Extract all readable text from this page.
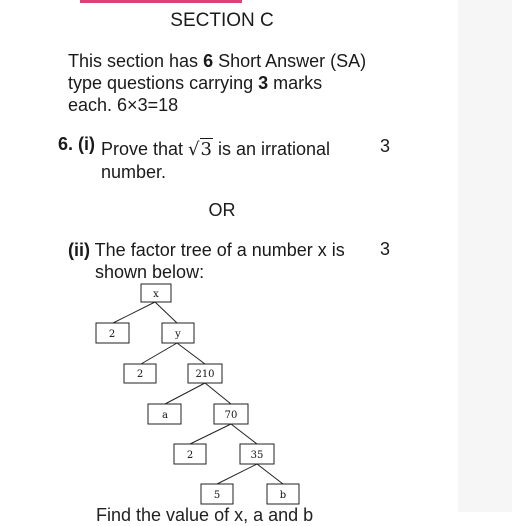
SECTION C
This section has 6 Short Answer (SA) type questions carrying 3 marks each. 6×3=18
6. (i) Prove that √3 is an irrational
number.
3
OR
(ii) The factor tree of a number x is
shown below:
3
x
2	y
2	210
a	70
2	35
5	b
Find the value of x, a and b
